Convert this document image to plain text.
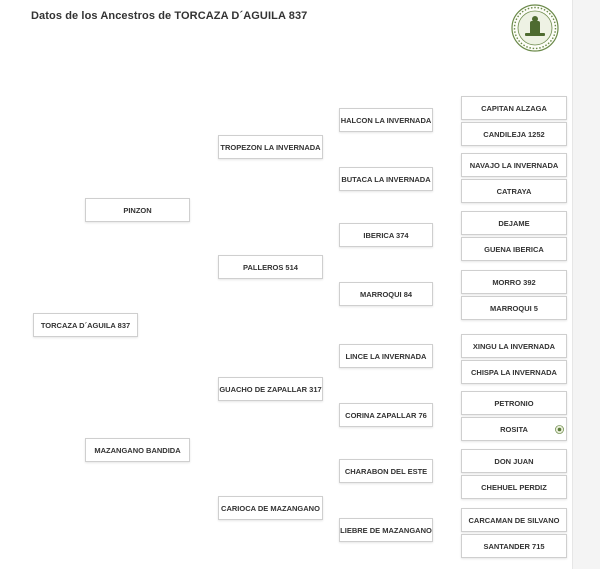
Datos de los Ancestros de TORCAZA D´AGUILA 837
TORCAZA D´AGUILA 837
PINZON
MAZANGANO BANDIDA
TROPEZON LA INVERNADA
PALLEROS 514
GUACHO DE ZAPALLAR 317
CARIOCA DE MAZANGANO
HALCON LA INVERNADA
BUTACA LA INVERNADA
IBERICA 374
MARROQUI 84
LINCE LA INVERNADA
CORINA ZAPALLAR 76
CHARABON DEL ESTE
LIEBRE DE MAZANGANO
CAPITAN ALZAGA
CANDILEJA 1252
NAVAJO LA INVERNADA
CATRAYA
DEJAME
GUENA IBERICA
MORRO 392
MARROQUI 5
XINGU LA INVERNADA
CHISPA LA INVERNADA
PETRONIO
ROSITA
DON JUAN
CHEHUEL PERDIZ
CARCAMAN DE SILVANO
SANTANDER 715
